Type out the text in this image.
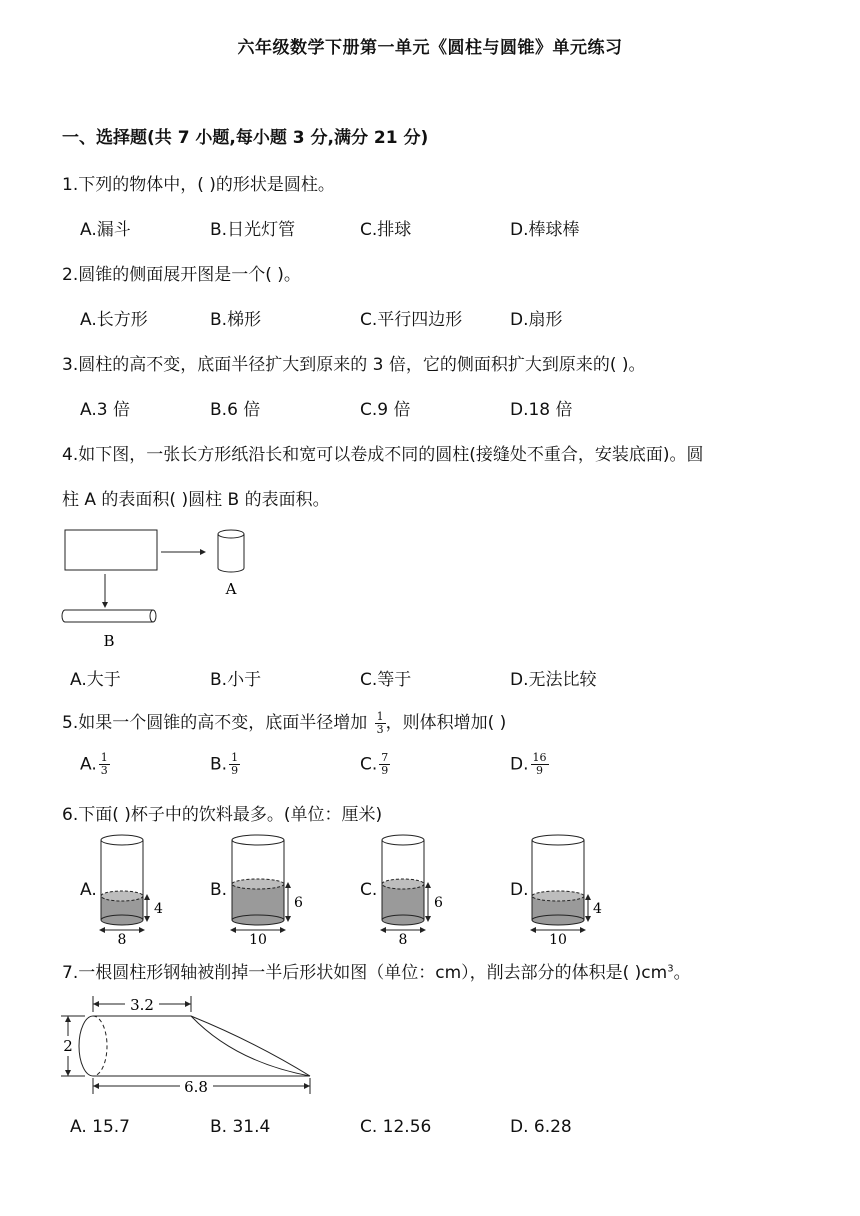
六年级数学下册第一单元《圆柱与圆锥》单元练习
一、选择题(共 7 小题,每小题 3 分,满分 21 分)
1.下列的物体中，( )的形状是圆柱。
A.漏斗	B.日光灯管	C.排球	D.棒球棒
2.圆锥的侧面展开图是一个( )。
A.长方形	B.梯形	C.平行四边形	D.扇形
3.圆柱的高不变，底面半径扩大到原来的 3 倍，它的侧面积扩大到原来的( )。
A.3 倍	B.6 倍	C.9 倍	D.18 倍
4.如下图，一张长方形纸沿长和宽可以卷成不同的圆柱(接缝处不重合，安装底面)。圆
柱 A 的表面积( )圆柱 B 的表面积。
A
B
A.大于	B.小于	C.等于	D.无法比较
5.如果一个圆锥的高不变，底面半径增加 $\frac{1}{3}$ ，则体积增加( )
A. $\frac{1}{3}$	B. $\frac{1}{9}$	C. $\frac{7}{9}$	D. $\frac{16}{9}$
6.下面( )杯子中的饮料最多。(单位：厘米)
A.
4
8
B.
6
10
C.
6
8
D.
4
10
7.一根圆柱形钢轴被削掉一半后形状如图（单位：cm），削去部分的体积是( )$cm^3$。
3.2
2
6.8
A. 15.7	B. 31.4	C. 12.56	D. 6.28
